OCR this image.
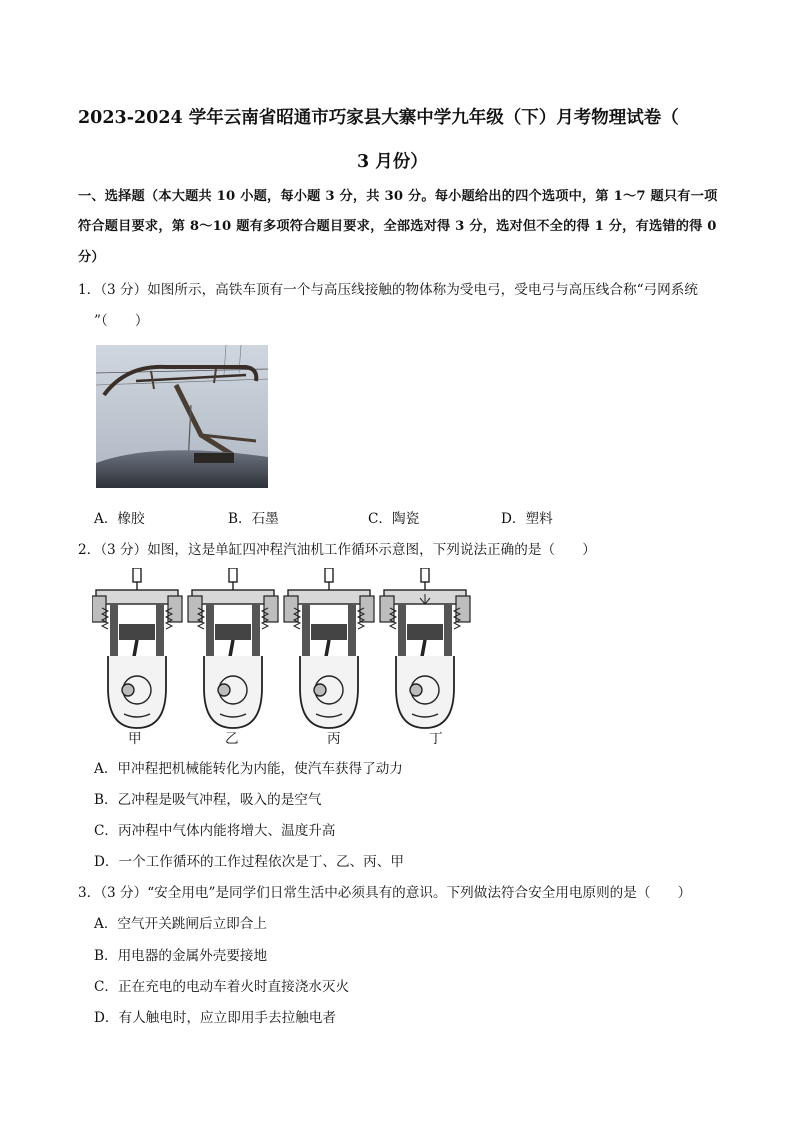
2023-2024 学年云南省昭通市巧家县大寨中学九年级（下）月考物理试卷（
3 月份）
一、选择题（本大题共 10 小题，每小题 3 分，共 30 分。每小题给出的四个选项中，第 1～7 题只有一项
符合题目要求，第 8～10 题有多项符合题目要求，全部选对得 3 分，选对但不全的得 1 分，有选错的得 0
分）
1．（3 分）如图所示，高铁车顶有一个与高压线接触的物体称为受电弓，受电弓与高压线合称“弓网系统
”（　　）
A．橡胶	B．石墨	C．陶瓷	D．塑料
2．（3 分）如图，这是单缸四冲程汽油机工作循环示意图，下列说法正确的是（　　）
甲	乙	丙	丁
A．甲冲程把机械能转化为内能，使汽车获得了动力
B．乙冲程是吸气冲程，吸入的是空气
C．丙冲程中气体内能将增大、温度升高
D．一个工作循环的工作过程依次是丁、乙、丙、甲
3．（3 分）“安全用电”是同学们日常生活中必须具有的意识。下列做法符合安全用电原则的是（　　）
A．空气开关跳闸后立即合上
B．用电器的金属外壳要接地
C．正在充电的电动车着火时直接浇水灭火
D．有人触电时，应立即用手去拉触电者
